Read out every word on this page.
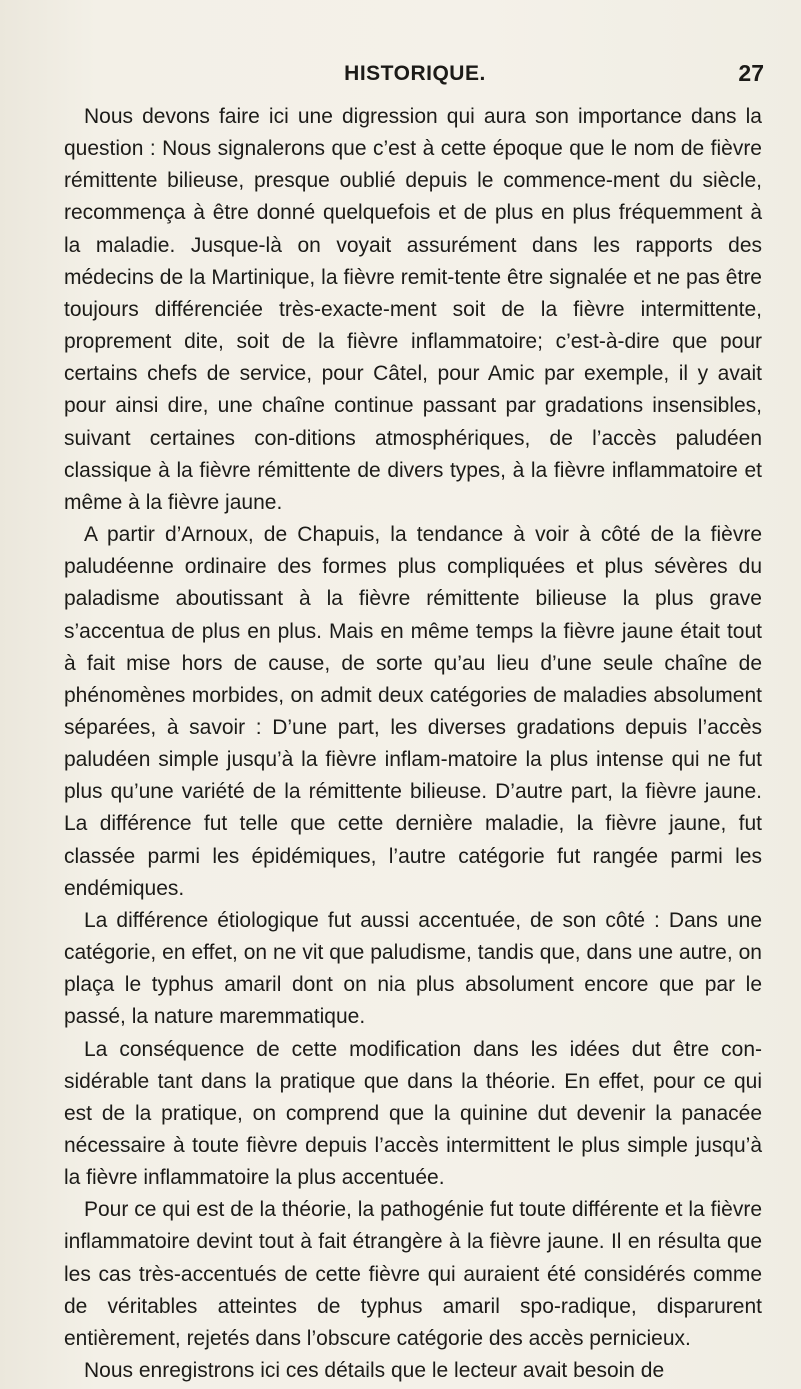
HISTORIQUE.	27

Nous devons faire ici une digression qui aura son importance dans la question : Nous signalerons que c’est à cette époque que le nom de fièvre rémittente bilieuse, presque oublié depuis le commence-ment du siècle, recommença à être donné quelquefois et de plus en plus fréquemment à la maladie. Jusque-là on voyait assurément dans les rapports des médecins de la Martinique, la fièvre remit-tente être signalée et ne pas être toujours différenciée très-exacte-ment soit de la fièvre intermittente, proprement dite, soit de la fièvre inflammatoire; c’est-à-dire que pour certains chefs de service, pour Câtel, pour Amic par exemple, il y avait pour ainsi dire, une chaîne continue passant par gradations insensibles, suivant certaines con-ditions atmosphériques, de l’accès paludéen classique à la fièvre rémittente de divers types, à la fièvre inflammatoire et même à la fièvre jaune.

A partir d’Arnoux, de Chapuis, la tendance à voir à côté de la fièvre paludéenne ordinaire des formes plus compliquées et plus sévères du paladisme aboutissant à la fièvre rémittente bilieuse la plus grave s’accentua de plus en plus. Mais en même temps la fièvre jaune était tout à fait mise hors de cause, de sorte qu’au lieu d’une seule chaîne de phénomènes morbides, on admit deux catégories de maladies absolument séparées, à savoir : D’une part, les diverses gradations depuis l’accès paludéen simple jusqu’à la fièvre inflam-matoire la plus intense qui ne fut plus qu’une variété de la rémittente bilieuse. D’autre part, la fièvre jaune. La différence fut telle que cette dernière maladie, la fièvre jaune, fut classée parmi les épidémiques, l’autre catégorie fut rangée parmi les endémiques.

La différence étiologique fut aussi accentuée, de son côté : Dans une catégorie, en effet, on ne vit que paludisme, tandis que, dans une autre, on plaça le typhus amaril dont on nia plus absolument encore que par le passé, la nature maremmatique.

La conséquence de cette modification dans les idées dut être con-sidérable tant dans la pratique que dans la théorie. En effet, pour ce qui est de la pratique, on comprend que la quinine dut devenir la panacée nécessaire à toute fièvre depuis l’accès intermittent le plus simple jusqu’à la fièvre inflammatoire la plus accentuée.

Pour ce qui est de la théorie, la pathogénie fut toute différente et la fièvre inflammatoire devint tout à fait étrangère à la fièvre jaune. Il en résulta que les cas très-accentués de cette fièvre qui auraient été considérés comme de véritables atteintes de typhus amaril spo-radique, disparurent entièrement, rejetés dans l’obscure catégorie des accès pernicieux.

Nous enregistrons ici ces détails que le lecteur avait besoin de
